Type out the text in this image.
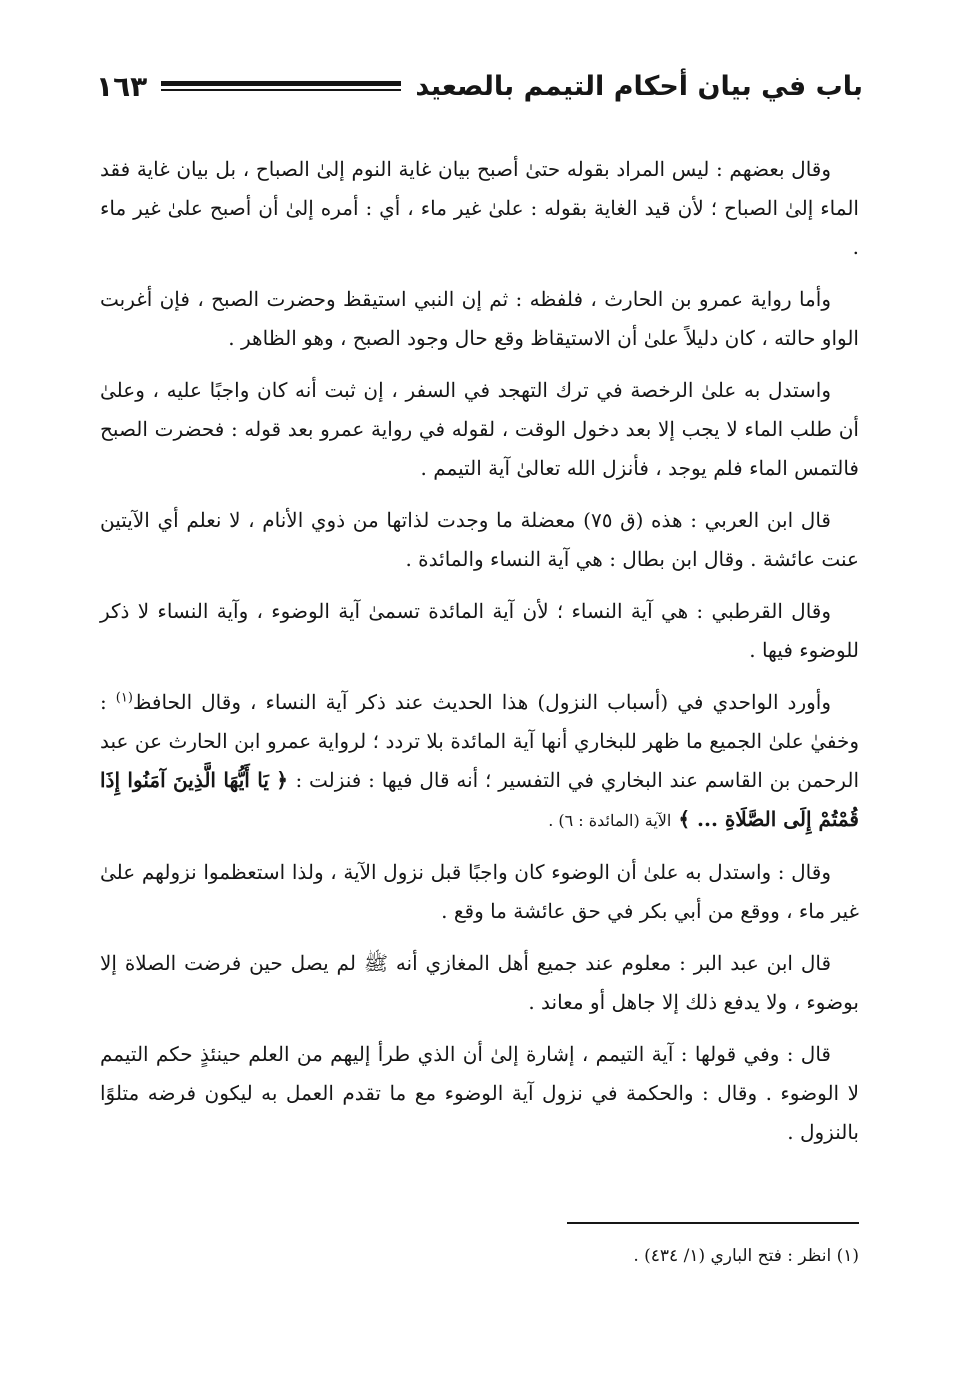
باب في بيان أحكام التيمم بالصعيد
١٦٣

وقال بعضهم : ليس المراد بقوله حتىٰ أصبح بيان غاية النوم إلىٰ الصباح ، بل بيان غاية فقد الماء إلىٰ الصباح ؛ لأن قيد الغاية بقوله : علىٰ غير ماء ، أي : أمره إلىٰ أن أصبح علىٰ غير ماء .

وأما رواية عمرو بن الحارث ، فلفظه : ثم إن النبي استيقظ وحضرت الصبح ، فإن أغربت الواو حالته ، كان دليلاً علىٰ أن الاستيقاظ وقع حال وجود الصبح ، وهو الظاهر .

واستدل به علىٰ الرخصة في ترك التهجد في السفر ، إن ثبت أنه كان واجبًا عليه ، وعلىٰ أن طلب الماء لا يجب إلا بعد دخول الوقت ، لقوله في رواية عمرو بعد قوله : فحضرت الصبح فالتمس الماء فلم يوجد ، فأنزل الله تعالىٰ آية التيمم .

قال ابن العربي : هذه (ق ٧٥) معضلة ما وجدت لذاتها من ذوي الأنام ، لا نعلم أي الآيتين عنت عائشة . وقال ابن بطال : هي آية النساء والمائدة .

وقال القرطبي : هي آية النساء ؛ لأن آية المائدة تسمىٰ آية الوضوء ، وآية النساء لا ذكر للوضوء فيها .

وأورد الواحدي في (أسباب النزول) هذا الحديث عند ذكر آية النساء ، وقال الحافظ$^{(١)}$ : وخفيٰ علىٰ الجميع ما ظهر للبخاري أنها آية المائدة بلا تردد ؛ لرواية عمرو ابن الحارث عن عبد الرحمن بن القاسم عند البخاري في التفسير ؛ أنه قال فيها : فنزلت : ﴿ يَا أَيُّهَا الَّذِينَ آمَنُوا إِذَا قُمْتُمْ إِلَى الصَّلَاةِ ... ﴾ الآية (المائدة : ٦) .

وقال : واستدل به علىٰ أن الوضوء كان واجبًا قبل نزول الآية ، ولذا استعظموا نزولهم علىٰ غير ماء ، ووقع من أبي بكر في حق عائشة ما وقع .

قال ابن عبد البر : معلوم عند جميع أهل المغازي أنه ﷺ لم يصل حين فرضت الصلاة إلا بوضوء ، ولا يدفع ذلك إلا جاهل أو معاند .

قال : وفي قولها : آية التيمم ، إشارة إلىٰ أن الذي طرأ إليهم من العلم حينئذٍ حكم التيمم لا الوضوء . وقال : والحكمة في نزول آية الوضوء مع ما تقدم العمل به ليكون فرضه متلوًا بالنزول .

(١) انظر : فتح الباري (١/ ٤٣٤) .
